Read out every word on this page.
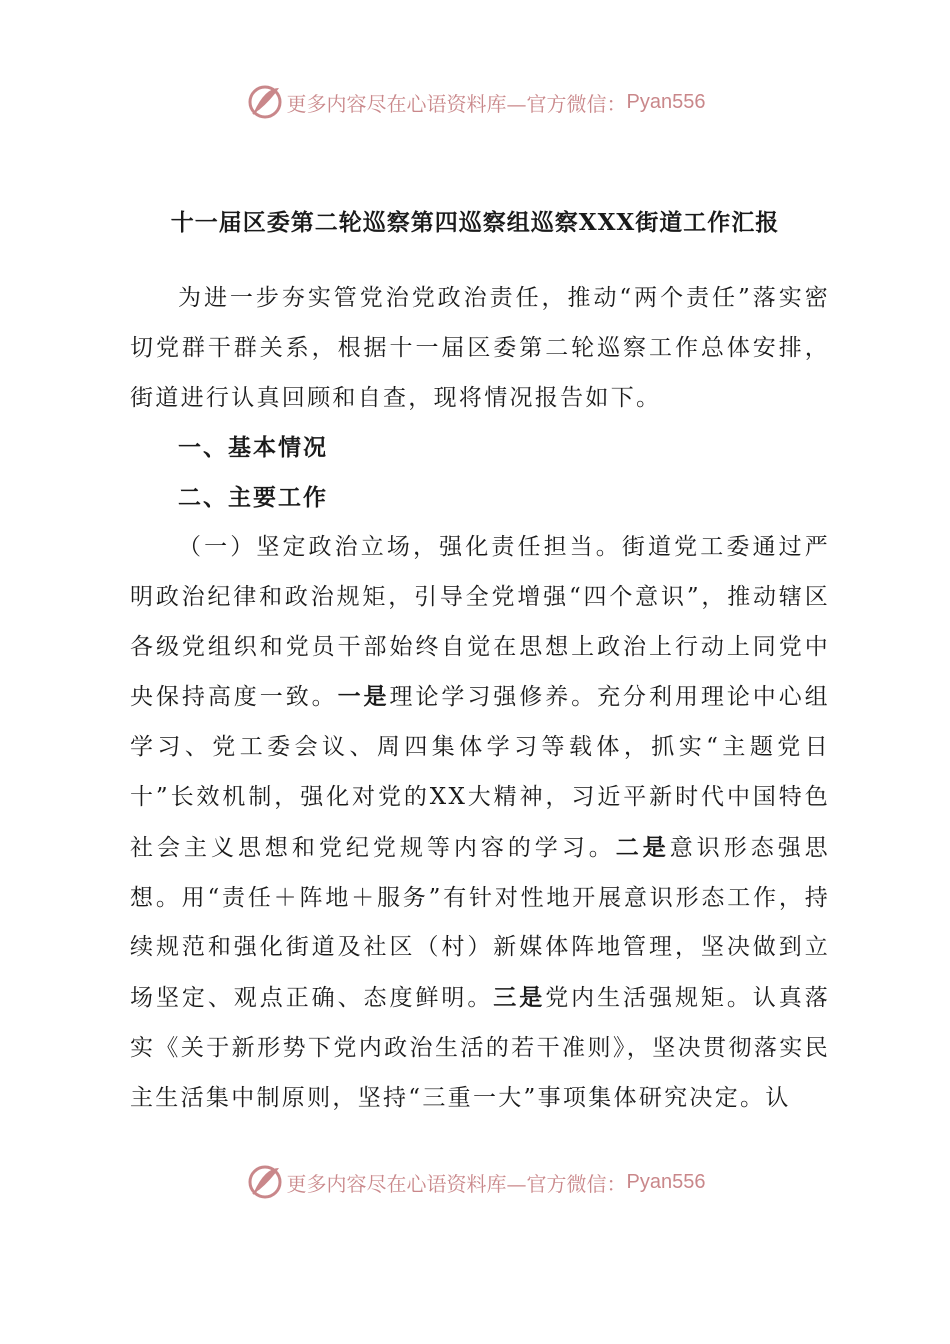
更多内容尽在心语资料库—官方微信： Pyan556
十一届区委第二轮巡察第四巡察组巡察XXX街道工作汇报

为进一步夯实管党治党政治责任，推动“两个责任”落实密切党群干群关系，根据十一届区委第二轮巡察工作总体安排，街道进行认真回顾和自查，现将情况报告如下。

一、基本情况
二、主要工作

（一）坚定政治立场，强化责任担当。街道党工委通过严明政治纪律和政治规矩，引导全党增强“四个意识”，推动辖区各级党组织和党员干部始终自觉在思想上政治上行动上同党中央保持高度一致。一是理论学习强修养。充分利用理论中心组学习、党工委会议、周四集体学习等载体，抓实“主题党日十”长效机制，强化对党的XX大精神，习近平新时代中国特色社会主义思想和党纪党规等内容的学习。二是意识形态强思想。用“责任＋阵地＋服务”有针对性地开展意识形态工作，持续规范和强化街道及社区（村）新媒体阵地管理，坚决做到立场坚定、观点正确、态度鲜明。三是党内生活强规矩。认真落实《关于新形势下党内政治生活的若干准则》，坚决贯彻落实民主生活集中制原则，坚持“三重一大”事项集体研究决定。认

更多内容尽在心语资料库—官方微信： Pyan556
